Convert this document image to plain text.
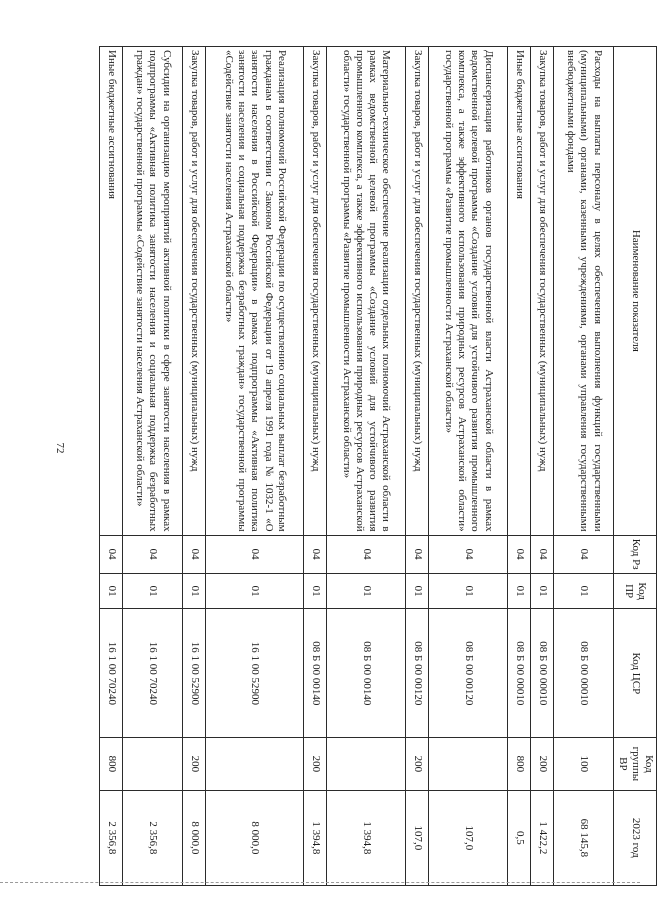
72
Наименование показателя	Код Рз	Код ПР	Код ЦСР	Код группы ВР	2023 год
Расходы на выплаты персоналу в целях обеспечения выполнения функций государственными (муниципальными) органами, казенными учреждениями, органами управления государственными внебюджетными фондами	04	01	08 Б 00 00010	100	68 145,8
Закупка товаров, работ и услуг для обеспечения государственных (муниципальных) нужд	04	01	08 Б 00 00010	200	1 422,2
Иные бюджетные ассигнования	04	01	08 Б 00 00010	800	0,5
Диспансеризация работников органов государственной власти Астраханской области в рамках ведомственной целевой программы «Создание условий для устойчивого развития промышленного комплекса, а также эффективного использования природных ресурсов Астраханской области» государственной программы «Развитие промышленности Астраханской области»	04	01	08 Б 00 00120		107,0
Закупка товаров, работ и услуг для обеспечения государственных (муниципальных) нужд	04	01	08 Б 00 00120	200	107,0
Материально-техническое обеспечение реализации отдельных полномочий Астраханской области в рамках ведомственной целевой программы «Создание условий для устойчивого развития промышленного комплекса, а также эффективного использования природных ресурсов Астраханской области» государственной программы «Развитие промышленности Астраханской области»	04	01	08 Б 00 00140		1 394,8
Закупка товаров, работ и услуг для обеспечения государственных (муниципальных) нужд	04	01	08 Б 00 00140	200	1 394,8
Реализация полномочий Российской Федерации по осуществлению социальных выплат безработным гражданам в соответствии с Законом Российской Федерации от 19 апреля 1991 года № 1032-1 «О занятости населения в Российской Федерации» в рамках подпрограммы «Активная политика занятости населения и социальная поддержка безработных граждан» государственной программы «Содействие занятости населения Астраханской области»	04	01	16 1 00 52900		8 000,0
Закупка товаров, работ и услуг для обеспечения государственных (муниципальных) нужд	04	01	16 1 00 52900	200	8 000,0
Субсидии на организацию мероприятий активной политики в сфере занятости населения в рамках подпрограммы «Активная политика занятости населения и социальная поддержка безработных граждан» государственной программы «Содействие занятости населения Астраханской области»	04	01	16 1 00 70240		2 356,8
Иные бюджетные ассигнования	04	01	16 1 00 70240	800	2 356,8
